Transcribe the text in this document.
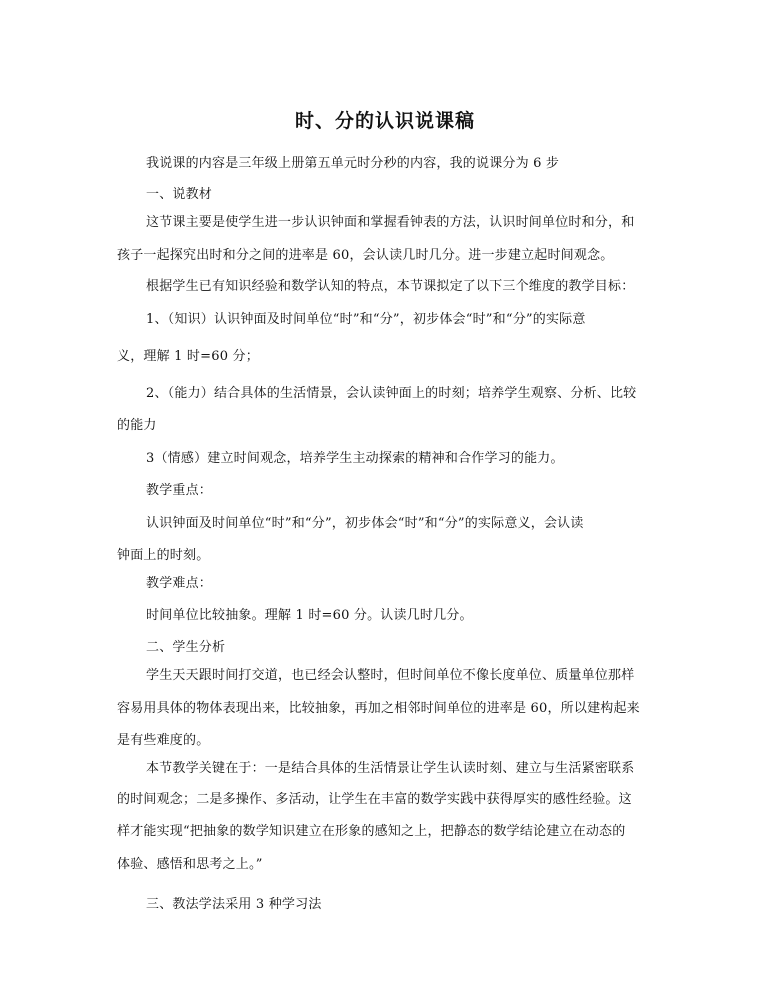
时、分的认识说课稿

我说课的内容是三年级上册第五单元时分秒的内容，我的说课分为 6 步

一、说教材

这节课主要是使学生进一步认识钟面和掌握看钟表的方法，认识时间单位时和分，和

孩子一起探究出时和分之间的进率是 60，会认读几时几分。进一步建立起时间观念。

根据学生已有知识经验和数学认知的特点，本节课拟定了以下三个维度的教学目标：

1、（知识）认识钟面及时间单位“时”和“分”，初步体会“时”和“分”的实际意

义，理解 1 时=60 分；

2、（能力）结合具体的生活情景，会认读钟面上的时刻；培养学生观察、分析、比较

的能力

3（情感）建立时间观念，培养学生主动探索的精神和合作学习的能力。

教学重点：

认识钟面及时间单位“时”和“分”，初步体会“时”和“分”的实际意义，会认读

钟面上的时刻。

教学难点：

时间单位比较抽象。理解 1 时=60 分。认读几时几分。

二、学生分析

学生天天跟时间打交道，也已经会认整时，但时间单位不像长度单位、质量单位那样

容易用具体的物体表现出来，比较抽象，再加之相邻时间单位的进率是 60，所以建构起来

是有些难度的。

本节教学关键在于：一是结合具体的生活情景让学生认读时刻、建立与生活紧密联系

的时间观念；二是多操作、多活动，让学生在丰富的数学实践中获得厚实的感性经验。这

样才能实现“把抽象的数学知识建立在形象的感知之上，把静态的数学结论建立在动态的

体验、感悟和思考之上。”

三、教法学法采用 3 种学习法
